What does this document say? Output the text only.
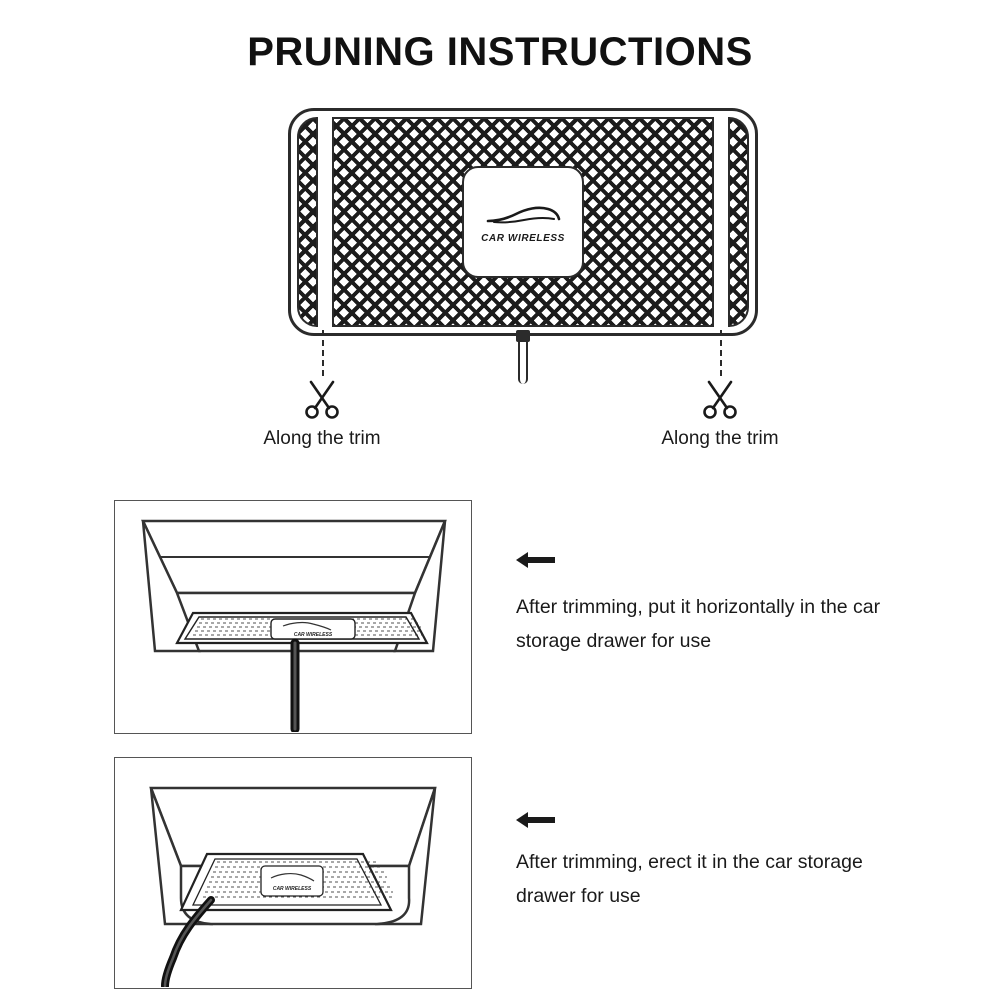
PRUNING INSTRUCTIONS
CAR WIRELESS
Along the trim	Along the trim
CAR WIRELESS
After trimming, put it horizontally in the car storage drawer for use
CAR WIRELESS
After trimming, erect it in the car storage drawer for use
